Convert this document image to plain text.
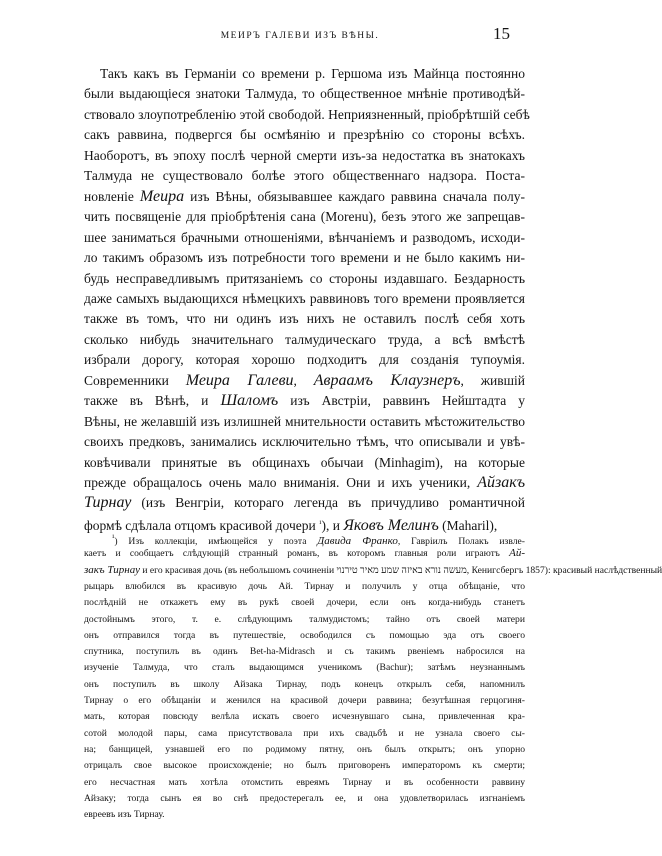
МЕИРЪ ГАЛЕВИ ИЗЪ ВѢНЫ.	15
Такъ какъ въ Германіи со времени р. Гершома изъ Майнца постоянно
были выдающіеся знатоки Талмуда, то общественное мнѣніе противодѣй-
ствовало злоупотребленію этой свободой. Неприязненный, пріобрѣтшій себѣ
сакъ раввина, подвергся бы осмѣянію и презрѣнію со стороны всѣхъ.
Наоборотъ, въ эпоху послѣ черной смерти изъ-за недостатка въ знатокахъ
Талмуда не существовало болѣе этого общественнаго надзора. Поста-
новленіе Меира изъ Вѣны, обязывавшее каждаго раввина сначала полу-
чить посвященіе для пріобрѣтенія сана (Moreнu), безъ этого же запрещав-
шее заниматься брачными отношеніями, вѣнчаніемъ и разводомъ, исходи-
ло такимъ образомъ изъ потребности того времени и не было какимъ ни-
будь несправедливымъ притязаніемъ со стороны издавшаго. Бездарность
даже самыхъ выдающихся нѣмецкихъ раввиновъ того времени проявляется
также въ томъ, что ни одинъ изъ нихъ не оставилъ послѣ себя хоть
сколько нибудь значительнаго талмудическаго труда, а всѣ вмѣстѣ
избрали дорогу, которая хорошо подходитъ для созданія тупоумія.
Современники Меира Галеви, Авраамъ Клаузнеръ, жившій
также въ Вѣнѣ, и Шаломъ изъ Австріи, раввинъ Нейштадта у
Вѣны, не желавшій изъ излишней мнительности оставить мѣстожительство
своихъ предковъ, занимались исключительно тѣмъ, что описывали и увѣ-
ковѣчивали принятые въ общинахъ обычаи (Minhagim), на которые
прежде обращалось очень мало вниманія. Они и ихъ ученики, Айзакъ
Тирнау (изъ Венгріи, котораго легенда въ причудливо романтичной
формѣ сдѣлала отцомъ красивой дочери $^{^1}$), и Яковъ Мелинъ (Maharil),
$^{^1}$) Изъ коллекціи, имѣющейся у поэта Давида Франко, Гавріилъ Полакъ извле-
каетъ и сообщаетъ слѣдующій странный романъ, въ которомъ главныя роли играютъ Ай-
закъ Тирнау и его красивая дочь (въ небольшомъ сочиненіи מעשה נורא באיזה שמע מאיר טירנוי, Кенигсбергъ 1857): красивый наслѣдственный
рыцарь влюбился въ красивую дочь Ай. Тирнау и получилъ у отца обѣщаніе, что
послѣдній не откажетъ ему въ рукѣ своей дочери, если онъ когда-нибудь станетъ
достойнымъ этого, т. е. слѣдующимъ талмудистомъ; тайно отъ своей матери
онъ отправился тогда въ путешествіе, освободился съ помощью эда отъ своего
спутника, поступилъ въ одинъ Bet-ha-Midrasch и съ такимъ рвеніемъ набросился на
изученіе Талмуда, что сталъ выдающимся ученикомъ (Bachur); затѣмъ неузнаннымъ
онъ поступилъ въ школу Айзака Тирнау, подъ конецъ открылъ себя, напомнилъ
Тирнау о его обѣщаніи и женился на красивой дочери раввина; безутѣшная герцогиня-
мать, которая повсюду велѣла искать своего исчезнувшаго сына, привлеченная кра-
сотой молодой пары, сама присутствовала при ихъ свадьбѣ и не узнала своего сы-
на; банщицей, узнавшей его по родимому пятну, онъ былъ открытъ; онъ упорно
отрицалъ свое высокое происхожденіе; но былъ приговоренъ императоромъ къ смерти;
его несчастная мать хотѣла отомстить евреямъ Тирнау и въ особенности раввину
Айзаку; тогда сынъ ея во снѣ предостерегалъ ее, и она удовлетворилась изгнаніемъ
евреевъ изъ Тирнау.
